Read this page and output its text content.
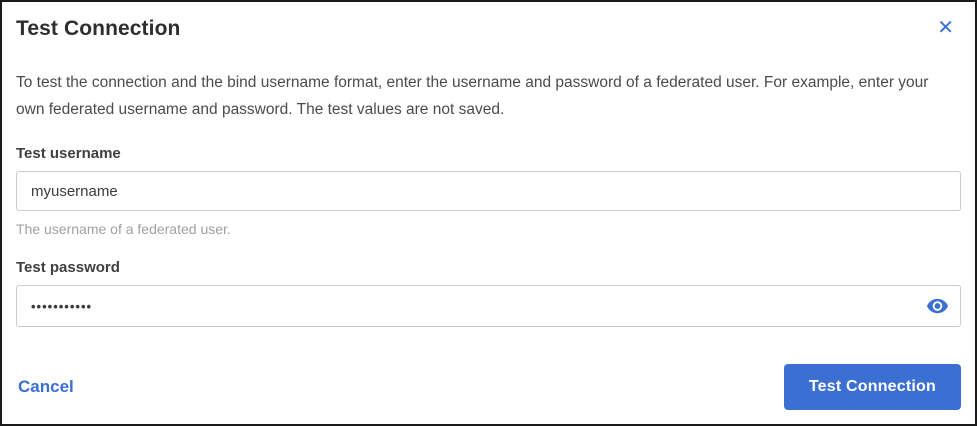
Test Connection	✕

To test the connection and the bind username format, enter the username and password of a federated user. For example, enter your own federated username and password. The test values are not saved.

Test username
myusername
The username of a federated user.
Test password
•••••••••••
Cancel	Test Connection
